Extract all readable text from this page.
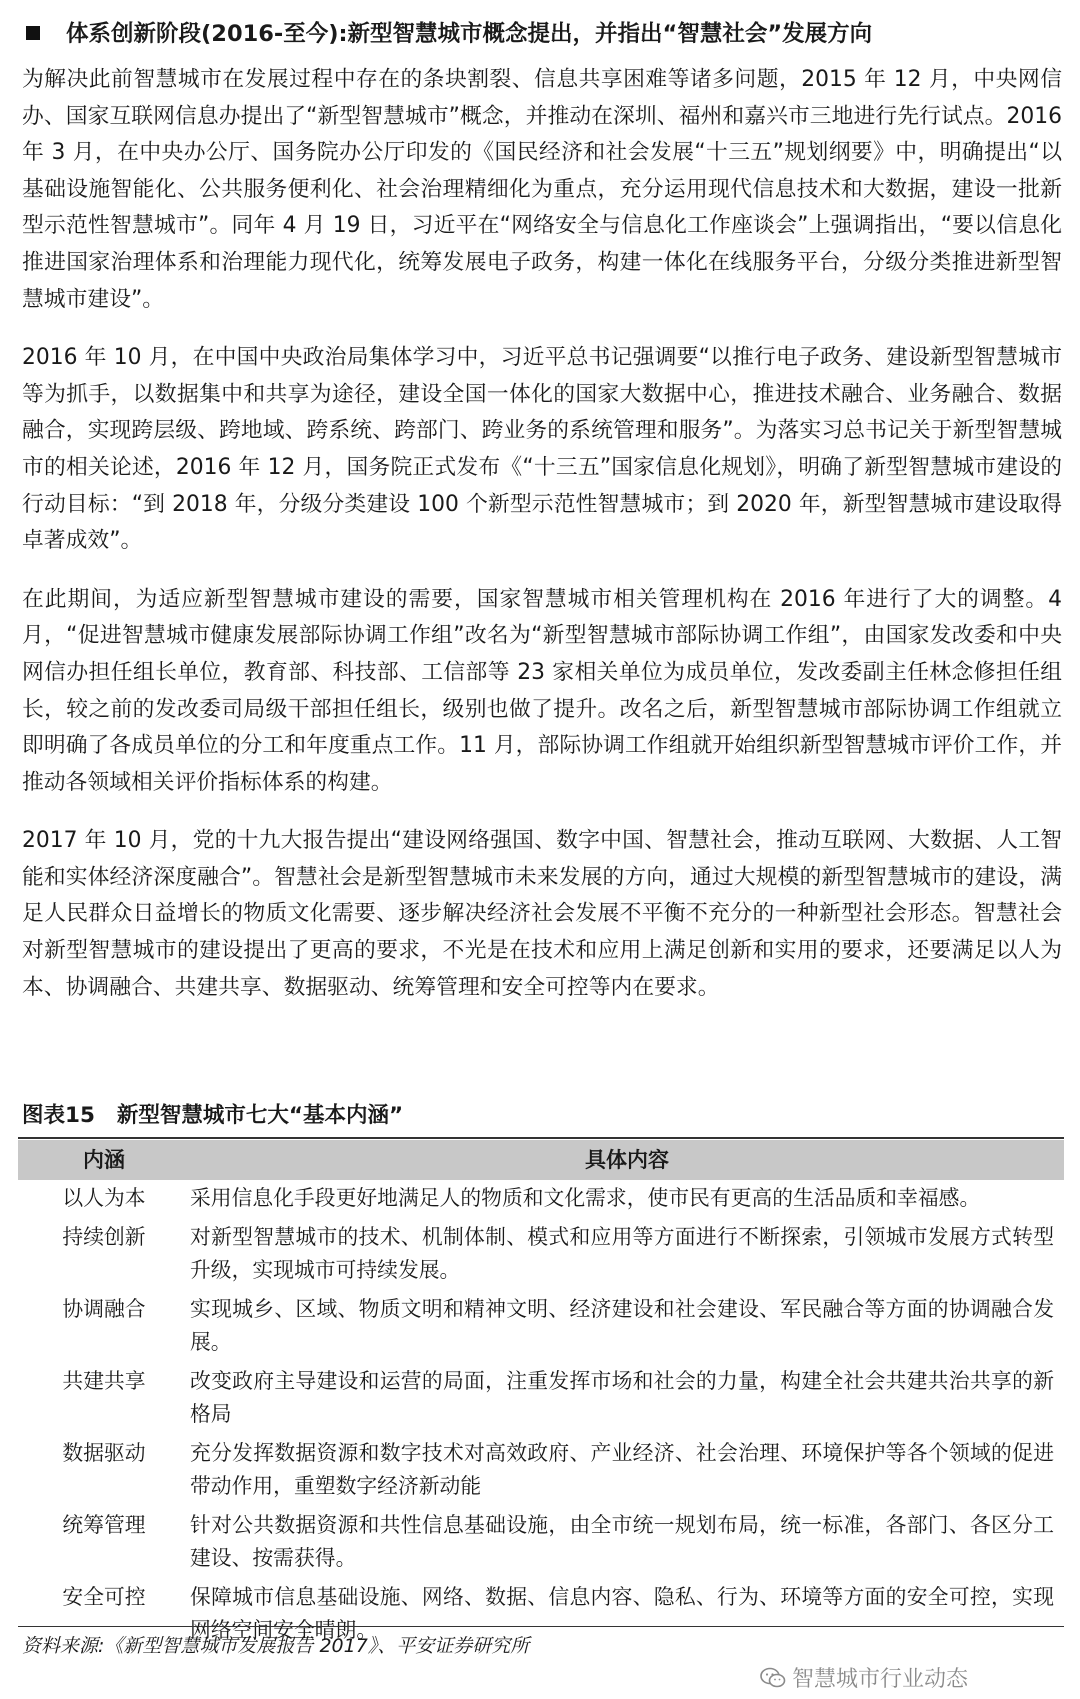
体系创新阶段(2016-至今):新型智慧城市概念提出，并指出“智慧社会”发展方向

为解决此前智慧城市在发展过程中存在的条块割裂、信息共享困难等诸多问题，2015 年 12 月，中央网信办、国家互联网信息办提出了“新型智慧城市”概念，并推动在深圳、福州和嘉兴市三地进行先行试点。2016 年 3 月，在中央办公厅、国务院办公厅印发的《国民经济和社会发展“十三五”规划纲要》中，明确提出“以基础设施智能化、公共服务便利化、社会治理精细化为重点，充分运用现代信息技术和大数据，建设一批新型示范性智慧城市”。同年 4 月 19 日，习近平在“网络安全与信息化工作座谈会”上强调指出，“要以信息化推进国家治理体系和治理能力现代化，统筹发展电子政务，构建一体化在线服务平台，分级分类推进新型智慧城市建设”。

2016 年 10 月，在中国中央政治局集体学习中，习近平总书记强调要“以推行电子政务、建设新型智慧城市等为抓手，以数据集中和共享为途径，建设全国一体化的国家大数据中心，推进技术融合、业务融合、数据融合，实现跨层级、跨地域、跨系统、跨部门、跨业务的系统管理和服务”。为落实习总书记关于新型智慧城市的相关论述，2016 年 12 月，国务院正式发布《“十三五”国家信息化规划》，明确了新型智慧城市建设的行动目标：“到 2018 年，分级分类建设 100 个新型示范性智慧城市；到 2020 年，新型智慧城市建设取得卓著成效”。

在此期间，为适应新型智慧城市建设的需要，国家智慧城市相关管理机构在 2016 年进行了大的调整。4 月，“促进智慧城市健康发展部际协调工作组”改名为“新型智慧城市部际协调工作组”，由国家发改委和中央网信办担任组长单位，教育部、科技部、工信部等 23 家相关单位为成员单位，发改委副主任林念修担任组长，较之前的发改委司局级干部担任组长，级别也做了提升。改名之后，新型智慧城市部际协调工作组就立即明确了各成员单位的分工和年度重点工作。11 月，部际协调工作组就开始组织新型智慧城市评价工作，并推动各领域相关评价指标体系的构建。

2017 年 10 月，党的十九大报告提出“建设网络强国、数字中国、智慧社会，推动互联网、大数据、人工智能和实体经济深度融合”。智慧社会是新型智慧城市未来发展的方向，通过大规模的新型智慧城市的建设，满足人民群众日益增长的物质文化需要、逐步解决经济社会发展不平衡不充分的一种新型社会形态。智慧社会对新型智慧城市的建设提出了更高的要求，不光是在技术和应用上满足创新和实用的要求，还要满足以人为本、协调融合、共建共享、数据驱动、统筹管理和安全可控等内在要求。

图表15 新型智慧城市七大“基本内涵”
内涵	具体内容
以人为本	采用信息化手段更好地满足人的物质和文化需求，使市民有更高的生活品质和幸福感。
持续创新	对新型智慧城市的技术、机制体制、模式和应用等方面进行不断探索，引领城市发展方式转型升级，实现城市可持续发展。
协调融合	实现城乡、区域、物质文明和精神文明、经济建设和社会建设、军民融合等方面的协调融合发展。
共建共享	改变政府主导建设和运营的局面，注重发挥市场和社会的力量，构建全社会共建共治共享的新格局
数据驱动	充分发挥数据资源和数字技术对高效政府、产业经济、社会治理、环境保护等各个领域的促进带动作用，重塑数字经济新动能
统筹管理	针对公共数据资源和共性信息基础设施，由全市统一规划布局，统一标准，各部门、各区分工建设、按需获得。
安全可控	保障城市信息基础设施、网络、数据、信息内容、隐私、行为、环境等方面的安全可控，实现网络空间安全晴朗。
资料来源:《新型智慧城市发展报告 2017》、平安证券研究所
智慧城市行业动态
